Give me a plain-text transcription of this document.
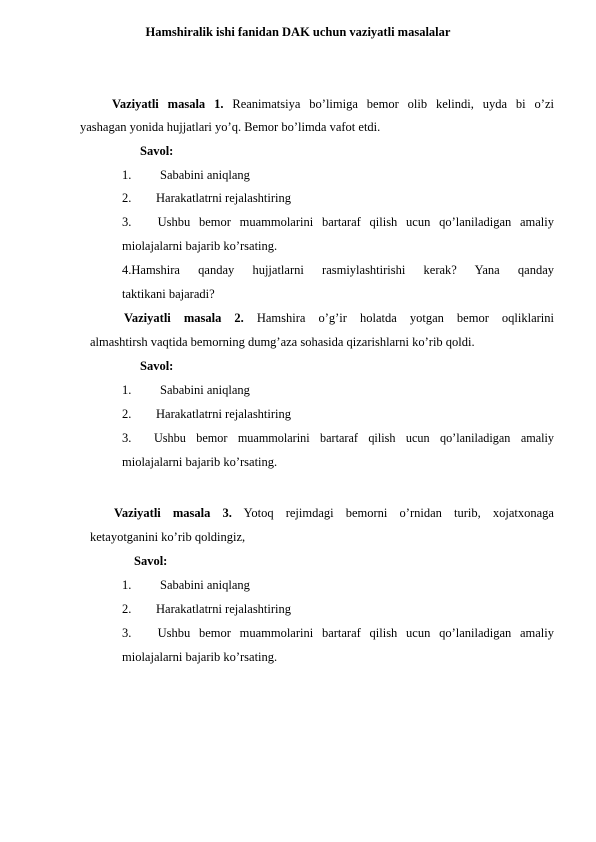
Hamshiralik ishi fanidan DAK uchun vaziyatli masalalar
Vaziyatli masala 1. Reanimatsiya bo’limiga bemor olib kelindi, uyda bi o’zi
yashagan yonida hujjatlari yo’q. Bemor bo’limda vafot etdi.
Savol:
1. Sababini aniqlang
2. Harakatlatrni rejalashtiring
3. Ushbu bemor muammolarini bartaraf qilish ucun qo’laniladigan amaliy
miolajalarni bajarib ko’rsating.
4.Hamshira qanday hujjatlarni rasmiylashtirishi kerak? Yana qanday
taktikani bajaradi?
Vaziyatli masala 2. Hamshira o’g’ir holatda yotgan bemor oqliklarini
almashtirsh vaqtida bemorning dumg’aza sohasida qizarishlarni ko’rib qoldi.
Savol:
1. Sababini aniqlang
2. Harakatlatrni rejalashtiring
3. Ushbu bemor muammolarini bartaraf qilish ucun qo’laniladigan amaliy
miolajalarni bajarib ko’rsating.
Vaziyatli masala 3. Yotoq rejimdagi bemorni o’rnidan turib, xojatxonaga
ketayotganini ko’rib qoldingiz,
Savol:
1. Sababini aniqlang
2. Harakatlatrni rejalashtiring
3. Ushbu bemor muammolarini bartaraf qilish ucun qo’laniladigan amaliy
miolajalarni bajarib ko’rsating.
